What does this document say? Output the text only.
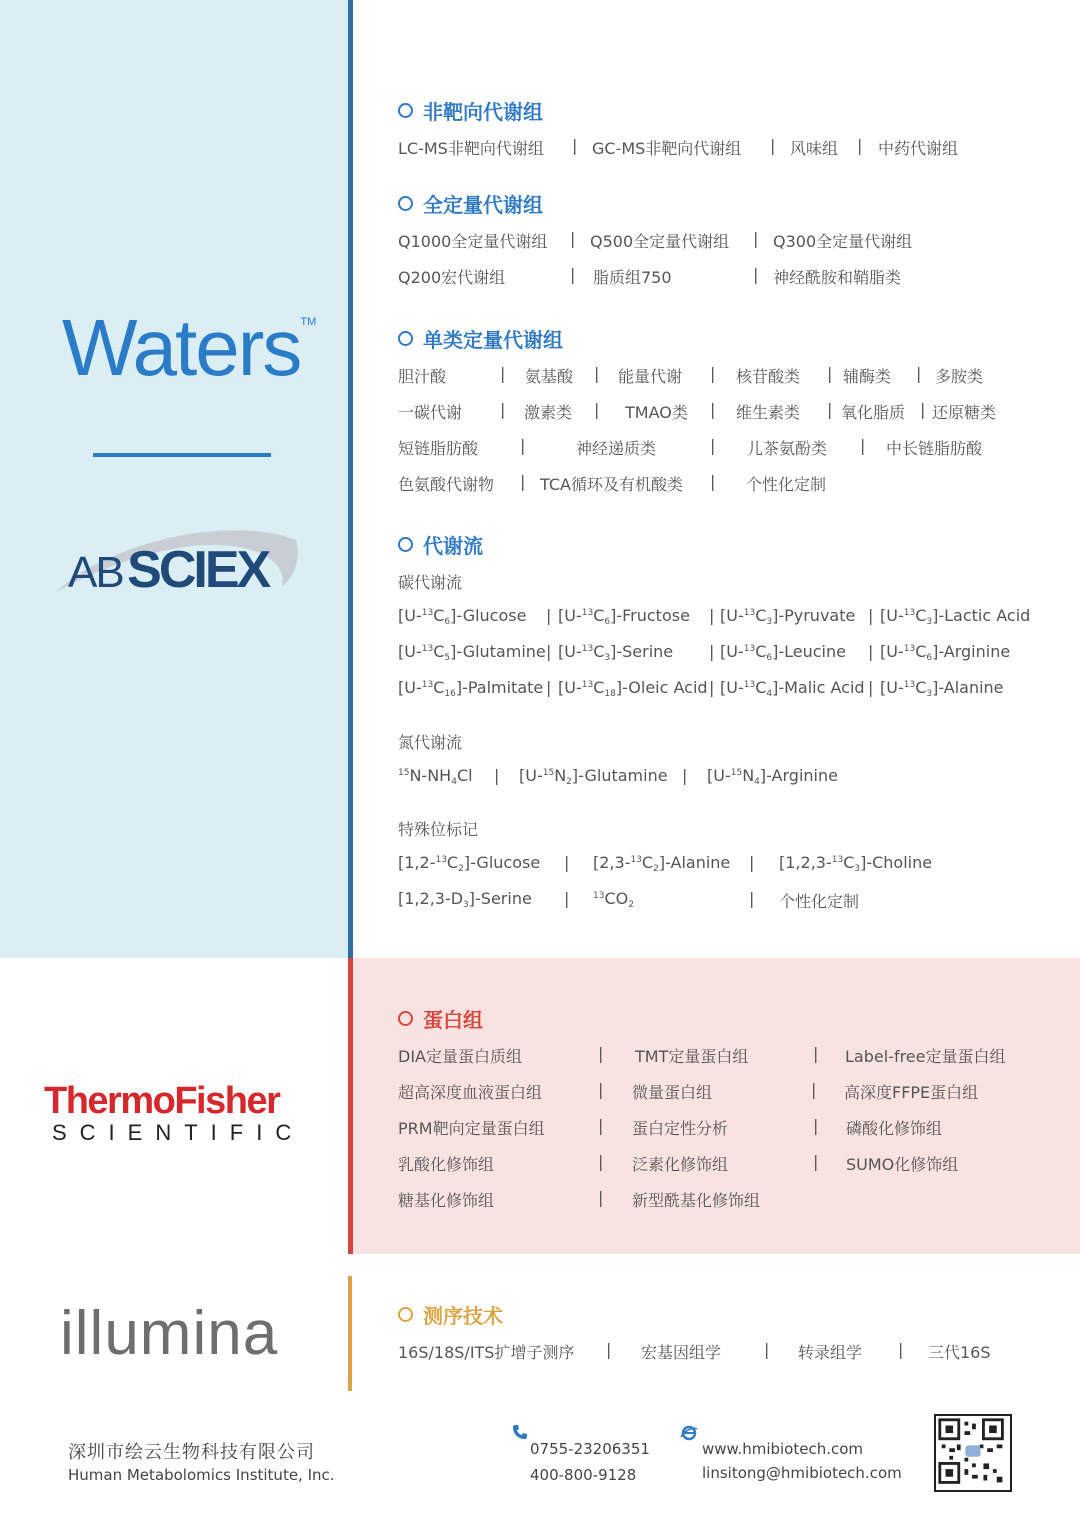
Waters™
AB SCIEX
ThermoFisher
SCIENTIFIC
illumina
非靶向代谢组
LC-MS非靶向代谢组 | GC-MS非靶向代谢组 | 风味组 | 中药代谢组
全定量代谢组
Q1000全定量代谢组 | Q500全定量代谢组 | Q300全定量代谢组
Q200宏代谢组	| 脂质组750	| 神经酰胺和鞘脂类
单类定量代谢组
胆汁酸	| 氨基酸 | 能量代谢 | 核苷酸类 | 辅酶类 | 多胺类
一碳代谢 | 激素类 | TMAO类 | 维生素类 | 氧化脂质 | 还原糖类
短链脂肪酸	|	神经递质类	| 儿茶氨酚类 | 中长链脂肪酸
色氨酸代谢物 | TCA循环及有机酸类 | 个性化定制
代谢流
碳代谢流
$[U-^{13}C_6]$-Glucose | $[U-^{13}C_6]$-Fructose | $[U-^{13}C_3]$-Pyruvate | $[U-^{13}C_3]$-Lactic Acid
$[U-^{13}C_5]$-Glutamine | $[U-^{13}C_3]$-Serine | $[U-^{13}C_6]$-Leucine | $[U-^{13}C_6]$-Arginine
$[U-^{13}C_{16}]$-Palmitate | $[U-^{13}C_{18}]$-Oleic Acid | $[U-^{13}C_4]$-Malic Acid | $[U-^{13}C_3]$-Alanine
氮代谢流
$^{15}N-NH_4Cl$ | $[U-^{15}N_2]$-Glutamine | $[U-^{15}N_4]$-Arginine
特殊位标记
$[1,2-^{13}C_2]$-Glucose | $[2,3-^{13}C_2]$-Alanine | $[1,2,3-^{13}C_3]$-Choline
$[1,2,3-D_3]$-Serine |	$^{13}CO_2$	| 个性化定制
蛋白组
DIA定量蛋白质组	| TMT定量蛋白组	| Label-free定量蛋白组
超高深度血液蛋白组	| 微量蛋白组	| 高深度FFPE蛋白组
PRM靶向定量蛋白组	| 蛋白定性分析	| 磷酸化修饰组
乳酸化修饰组	| 泛素化修饰组	| SUMO化修饰组
糖基化修饰组	| 新型酰基化修饰组
测序技术
16S/18S/ITS扩增子测序 | 宏基因组学	| 转录组学 | 三代16S
深圳市绘云生物科技有限公司
Human Metabolomics Institute, Inc.
0755-23206351
400-800-9128
www.hmibiotech.com
linsitong@hmibiotech.com
